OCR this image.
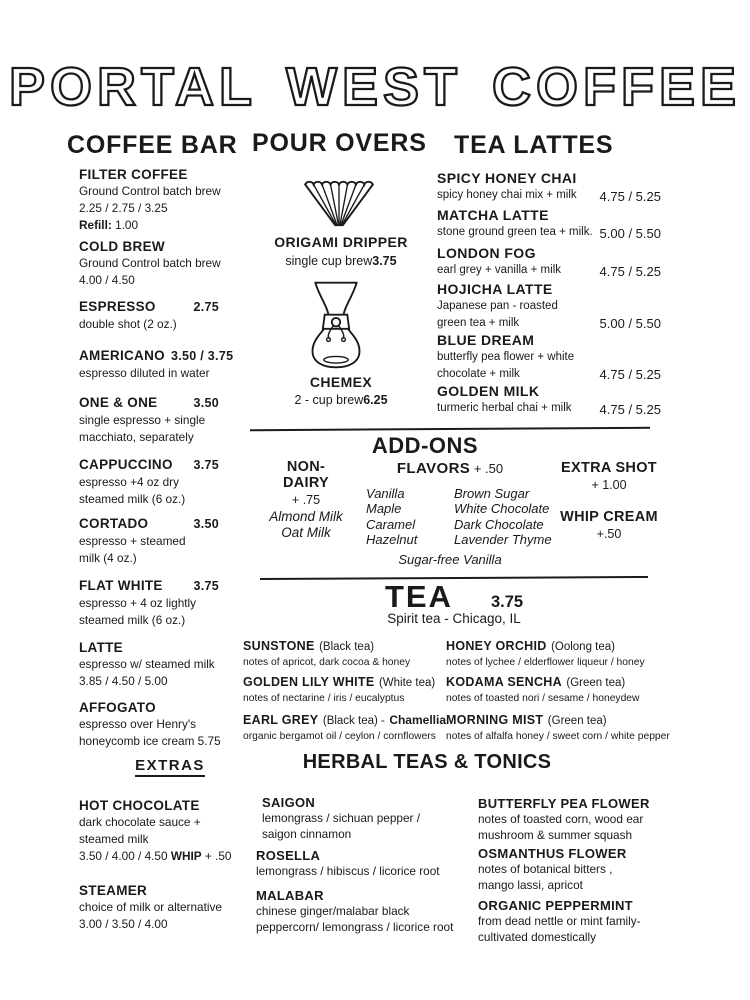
PORTAL WEST COFFEE
COFFEE BAR POUR OVERS TEA LATTES
FILTER COFFEE
Ground Control batch brew
2.25 / 2.75 / 3.25
Refill: 1.00
COLD BREW
Ground Control batch brew
4.00 / 4.50
ESPRESSO	2.75
double shot (2 oz.)
AMERICANO 3.50 / 3.75
espresso diluted in water
ONE & ONE	3.50
single espresso + single
macchiato, separately
CAPPUCCINO 3.75
espresso +4 oz dry
steamed milk (6 oz.)
CORTADO	3.50
espresso + steamed
milk (4 oz.)
FLAT WHITE 3.75
espresso + 4 oz lightly
steamed milk (6 oz.)
LATTE
espresso w/ steamed milk
3.85 / 4.50 / 5.00
AFFOGATO
espresso over Henry's
honeycomb ice cream 5.75
EXTRAS
HOT CHOCOLATE
dark chocolate sauce +
steamed milk
3.50 / 4.00 / 4.50 WHIP + .50
STEAMER
choice of milk or alternative
3.00 / 3.50 / 4.00
ORIGAMI DRIPPER
single cup brew3.75
CHEMEX
2 - cup brew6.25
SPICY HONEY CHAI
spicy honey chai mix + milk	4.75 / 5.25
MATCHA LATTE
stone ground green tea + milk. 5.00 / 5.50
LONDON FOG
earl grey + vanilla + milk	4.75 / 5.25
HOJICHA LATTE
Japanese pan - roasted
green tea + milk	5.00 / 5.50
BLUE DREAM
butterfly pea flower + white
chocolate + milk	4.75 / 5.25
GOLDEN MILK
turmeric herbal chai + milk	4.75 / 5.25
ADD-ONS
NON-
DAIRY
+ .75
Almond Milk
Oat Milk
FLAVORS + .50
Vanilla
Maple
Caramel
Hazelnut
Brown Sugar
White Chocolate
Dark Chocolate
Lavender Thyme
Sugar-free Vanilla
EXTRA SHOT
+ 1.00
WHIP CREAM
+.50
TEA 3.75
Spirit tea - Chicago, IL
SUNSTONE (Black tea)
notes of apricot, dark cocoa & honey
GOLDEN LILY WHITE (White tea)
notes of nectarine / iris / eucalyptus
EARL GREY (Black tea) - Chamellia
organic bergamot oil / ceylon / cornflowers
HONEY ORCHID (Oolong tea)
notes of lychee / elderflower liqueur / honey
KODAMA SENCHA (Green tea)
notes of toasted nori / sesame / honeydew
MORNING MIST (Green tea)
notes of alfalfa honey / sweet corn / white pepper
HERBAL TEAS & TONICS
SAIGON
lemongrass / sichuan pepper /
saigon cinnamon
ROSELLA
lemongrass / hibiscus / licorice root
MALABAR
chinese ginger/malabar black
peppercorn/ lemongrass / licorice root
BUTTERFLY PEA FLOWER
notes of toasted corn, wood ear
mushroom & summer squash
OSMANTHUS FLOWER
notes of botanical bitters ,
mango lassi, apricot
ORGANIC PEPPERMINT
from dead nettle or mint family-
cultivated domestically
